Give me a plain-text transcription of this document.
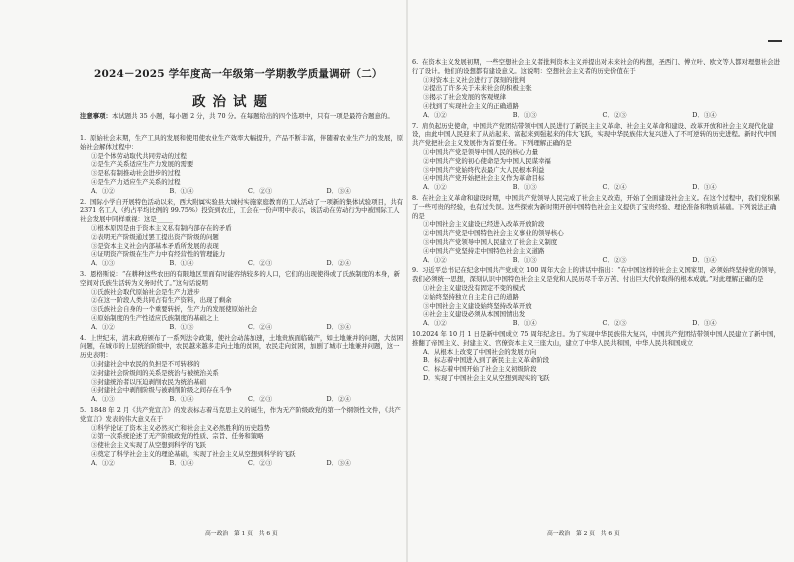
2024－2025 学年度高一年级第一学期教学质量调研（二）
政治试题
注意事项：本试题共 35 小题，每小题 2 分，共 70 分。在每题给出的四个选项中，只有一项是最符合题意的。

1. 原始社会末期，生产工具的发展和使用使农业生产效率大幅提升，产品不断丰富，伴随着农业生产力的发展，原始社会解体过程中：

①是个体劳动取代共同劳动的过程
②是生产关系适应生产力发展的需要
③是私有制推动社会进步的过程
④是生产力适应生产关系的过程
A．①②	B．①④	C．②③	D．③④

2. 国际小学自开展特色活动以来，西大附属实验县大城村实施家庭教育的工人活动了一项新的集体试验项目，共有 2371 名工人（约占平均比例的 99.75%）投资到农庄，工会在一份声明中表示，该活动在劳动行为中被国际工人社会发展中同样重视：这是_____

①根本原因是由于资本主义私有制内部存在的矛盾
②表明无产阶级通过罢工提出资产阶级的问题
③是资本主义社会内部基本矛盾所发展的表现
④证明资产阶级在生产力中有经营性的管理能力
A．①③	B．①④	C．②③	D．②④

3. 恩格斯说：“在耕种这些农田的有限地区里面有时能容纳较多的人口，它们的出现使得或了氏族制度的本身，新空间对氏族生活转为义务时代了。”这句话说明

①氏族社会取代原始社会是生产力进步
②在这一阶段人类共同占有生产资料，出现了剩余
③氏族社会自身的一个重要转折，生产力的发展使原始社会
④原始制度的生产性适应氏族制度的基础之上
A．①②	B．①③	C．②④	D．③④

4. 上世纪末，清末政府颁布了一系列法令政策，使社会动荡加速，土地贵族面临破产，如土地兼并的问题，大贫困问题，在城市的上层统治阶级中，农民越来越多走向土地的贫困，农民走向贫困，加剧了城市土地兼并问题，这一历史表明：

①封建社会中农民的负担是不可转移的
②封建社会阶级间的关系是统治与被统治关系
③封建统治者以压迫剥削农民为统治基础
④封建社会中剥削阶级与被剥削阶级之间存在斗争
A．①③	B．①④	C．②③	D．②④

5. 1848 年 2 月《共产党宣言》的发表标志着马克思主义的诞生，作为无产阶级政党的第一个纲领性文件，《共产党宣言》发表的伟大意义在于

①科学论证了资本主义必然灭亡和社会主义必然胜利的历史趋势
②第一次系统论述了无产阶级政党的性质、宗旨、任务和策略
③使社会主义实现了从空想到科学的飞跃
④奠定了科学社会主义的理论基础，实现了社会主义从空想到科学的飞跃
A．①②	B．①④	C．②③	D．③④
高一政治　第 1 页　共 6 页

6. 在资本主义发展初期，一些空想社会主义者批判资本主义并提出对未来社会的构想，圣西门、傅立叶、欧文等人都对理想社会进行了设计。他们的设想都有建设意义。这说明：空想社会主义者的历史价值在于

①对资本主义社会进行了深刻的批判
②提出了许多关于未来社会的积极主张
③揭示了社会发展的客观规律
④找到了实现社会主义的正确道路
A．①②	B．①③	C．②③	D．③④

7. 肩负起历史使命，中国共产党团结带领中国人民进行了新民主主义革命、社会主义革命和建设、改革开放和社会主义现代化建设，由此中国人民迎来了从站起来、富起来到强起来的伟大飞跃，实现中华民族伟大复兴进入了不可逆转的历史进程。新时代中国共产党把社会主义发展作为首要任务。下列理解正确的是

①中国共产党是领导中国人民的核心力量
②中国共产党的初心使命是为中国人民谋幸福
③中国共产党始终代表最广大人民根本利益
④中国共产党开始把社会主义作为革命目标
A．①②	B．①③	C．②④	D．③④

8. 在社会主义革命和建设时期，中国共产党领导人民完成了社会主义改造，开始了全面建设社会主义。在这个过程中，我们党积累了一些可贵的经验，也有过失误。这些探索为新时期开创中国特色社会主义提供了宝贵经验、理论准备和物质基础。下列说法正确的是

①中国社会主义建设已经进入改革开放阶段
②中国共产党是中国特色社会主义事业的领导核心
③中国共产党领导中国人民建立了社会主义制度
④中国共产党坚持走中国特色社会主义道路
A．①②	B．①③	C．②③	D．③④

9. 习近平总书记在纪念中国共产党成立 100 周年大会上的讲话中指出：“在中国这样的社会主义国家里，必须始终坚持党的领导，我们必须统一思想，深刻认识中国特色社会主义是党和人民历尽千辛万苦、付出巨大代价取得的根本成就。”对此理解正确的是

①社会主义建设没有固定不变的模式
②始终坚持独立自主走自己的道路
③中国社会主义建设始终坚持改革开放
④社会主义建设必须从本国国情出发
A．①②	B．①④	C．②③	D．③④

10.2024 年 10 月 1 日是新中国成立 75 周年纪念日。为了实现中华民族伟大复兴，中国共产党团结带领中国人民建立了新中国，推翻了帝国主义、封建主义、官僚资本主义三座大山，建立了中华人民共和国，中华人民共和国成立

A．从根本上改变了中国社会的发展方向
B．标志着中国进入到了新民主主义革命阶段
C．标志着中国开始了社会主义初级阶段
D．实现了中国社会主义从空想到现实的飞跃
高一政治　第 2 页　共 6 页
